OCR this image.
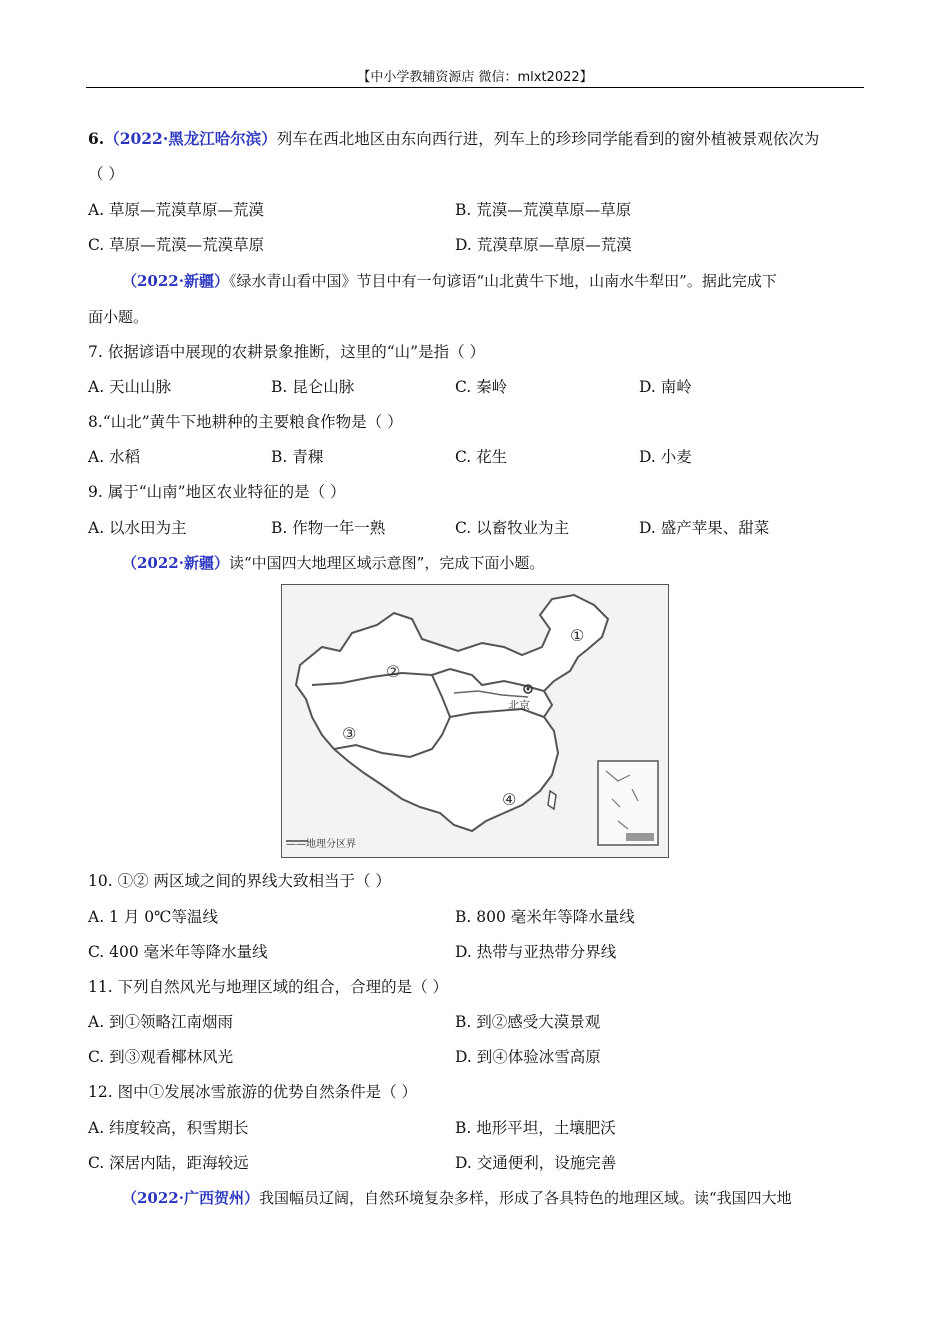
【中小学教辅资源店 微信：mlxt2022】
6.（2022·黑龙江哈尔滨）列车在西北地区由东向西行进，列车上的珍珍同学能看到的窗外植被景观依次为
（ ）
A. 草原—荒漠草原—荒漠	B. 荒漠—荒漠草原—草原
C. 草原—荒漠—荒漠草原	D. 荒漠草原—草原—荒漠
（2022·新疆）《绿水青山看中国》节目中有一句谚语“山北黄牛下地，山南水牛犁田”。据此完成下
面小题。
7. 依据谚语中展现的农耕景象推断，这里的“山”是指（ ）
A. 天山山脉	B. 昆仑山脉	C. 秦岭	D. 南岭
8.“山北”黄牛下地耕种的主要粮食作物是（ ）
A. 水稻	B. 青稞	C. 花生	D. 小麦
9. 属于“山南”地区农业特征的是（ ）
A. 以水田为主	B. 作物一年一熟	C. 以畜牧业为主	D. 盛产苹果、甜菜
（2022·新疆）读“中国四大地理区域示意图”，完成下面小题。
①
②
③
④
北京
——地理分区界
10. ①② 两区域之间的界线大致相当于（ ）
A. 1 月 0℃等温线	B. 800 毫米年等降水量线
C. 400 毫米年等降水量线	D. 热带与亚热带分界线
11. 下列自然风光与地理区域的组合，合理的是（ ）
A. 到①领略江南烟雨	B. 到②感受大漠景观
C. 到③观看椰林风光	D. 到④体验冰雪高原
12. 图中①发展冰雪旅游的优势自然条件是（ ）
A. 纬度较高，积雪期长	B. 地形平坦，土壤肥沃
C. 深居内陆，距海较远	D. 交通便利，设施完善
（2022·广西贺州）我国幅员辽阔，自然环境复杂多样，形成了各具特色的地理区域。读“我国四大地
